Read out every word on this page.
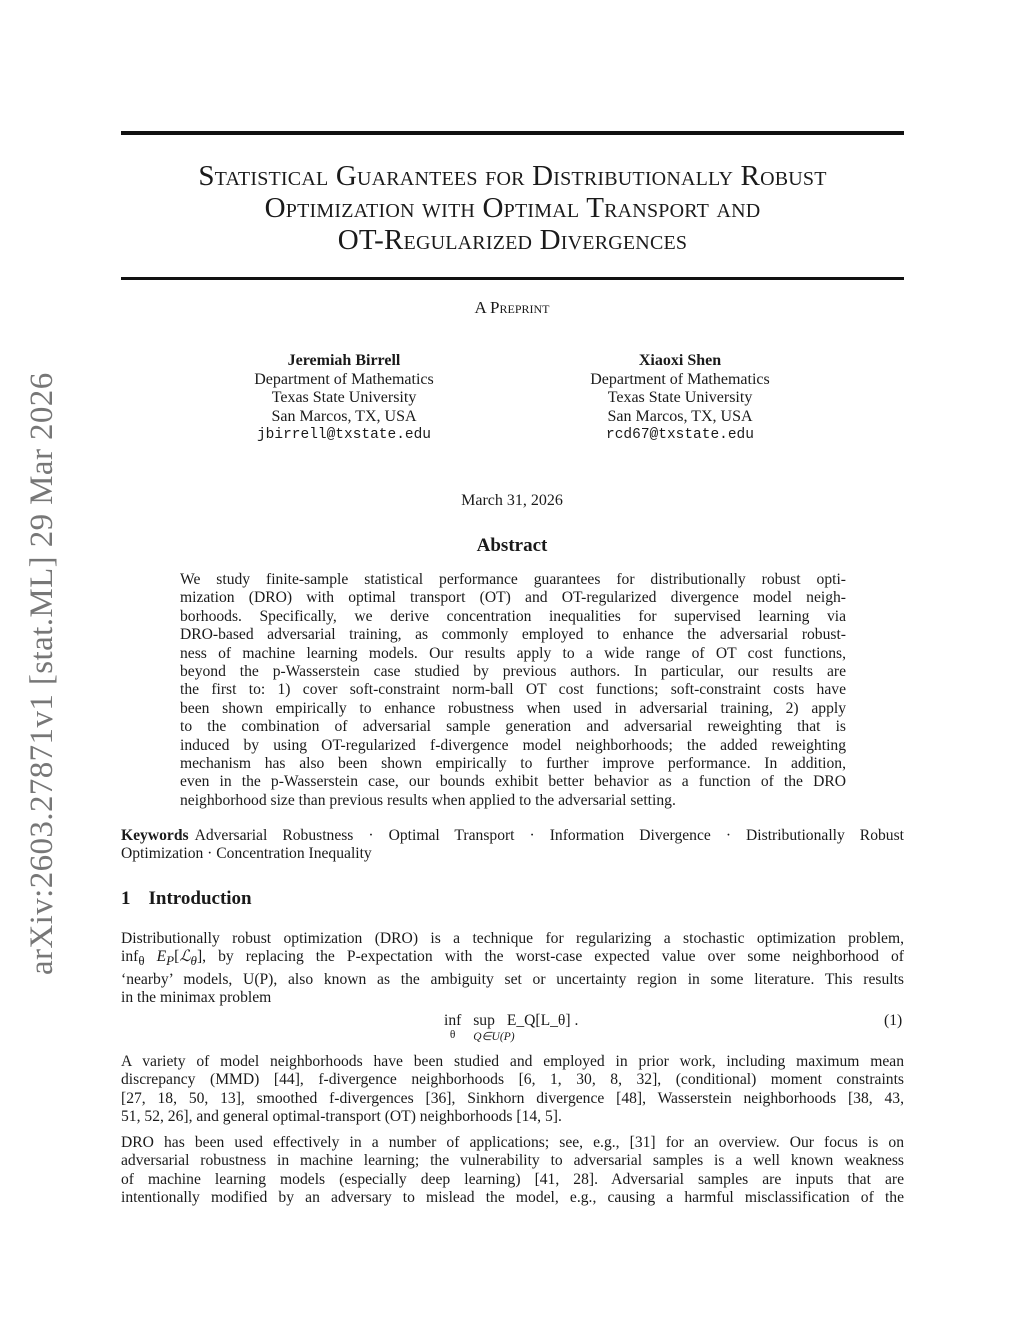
arXiv:2603.27871v1 [stat.ML] 29 Mar 2026
Statistical Guarantees for Distributionally Robust
Optimization with Optimal Transport and
OT-Regularized Divergences
A Preprint
Jeremiah Birrell
Department of Mathematics
Texas State University
San Marcos, TX, USA
jbirrell@txstate.edu
Xiaoxi Shen
Department of Mathematics
Texas State University
San Marcos, TX, USA
rcd67@txstate.edu
March 31, 2026
Abstract
We study finite-sample statistical performance guarantees for distributionally robust opti-
mization (DRO) with optimal transport (OT) and OT-regularized divergence model neigh-
borhoods. Specifically, we derive concentration inequalities for supervised learning via
DRO-based adversarial training, as commonly employed to enhance the adversarial robust-
ness of machine learning models. Our results apply to a wide range of OT cost functions,
beyond the p-Wasserstein case studied by previous authors. In particular, our results are
the first to: 1) cover soft-constraint norm-ball OT cost functions; soft-constraint costs have
been shown empirically to enhance robustness when used in adversarial training, 2) apply
to the combination of adversarial sample generation and adversarial reweighting that is
induced by using OT-regularized f-divergence model neighborhoods; the added reweighting
mechanism has also been shown empirically to further improve performance. In addition,
even in the p-Wasserstein case, our bounds exhibit better behavior as a function of the DRO
neighborhood size than previous results when applied to the adversarial setting.
Keywords Adversarial Robustness · Optimal Transport · Information Divergence · Distributionally Robust
Optimization · Concentration Inequality
1 Introduction
Distributionally robust optimization (DRO) is a technique for regularizing a stochastic optimization problem,
inf$_\theta$ $E_P[ℒ_\theta]$, by replacing the P-expectation with the worst-case expected value over some neighborhood of
‘nearby’ models, U(P), also known as the ambiguity set or uncertainty region in some literature. This results
in the minimax problem
inf
θ
sup
Q∈U(P)
E_Q[L_θ] .	(1)
A variety of model neighborhoods have been studied and employed in prior work, including maximum mean
discrepancy (MMD) [44], f-divergence neighborhoods [6, 1, 30, 8, 32], (conditional) moment constraints
[27, 18, 50, 13], smoothed f-divergences [36], Sinkhorn divergence [48], Wasserstein neighborhoods [38, 43,
51, 52, 26], and general optimal-transport (OT) neighborhoods [14, 5].
DRO has been used effectively in a number of applications; see, e.g., [31] for an overview. Our focus is on
adversarial robustness in machine learning; the vulnerability to adversarial samples is a well known weakness
of machine learning models (especially deep learning) [41, 28]. Adversarial samples are inputs that are
intentionally modified by an adversary to mislead the model, e.g., causing a harmful misclassification of the
